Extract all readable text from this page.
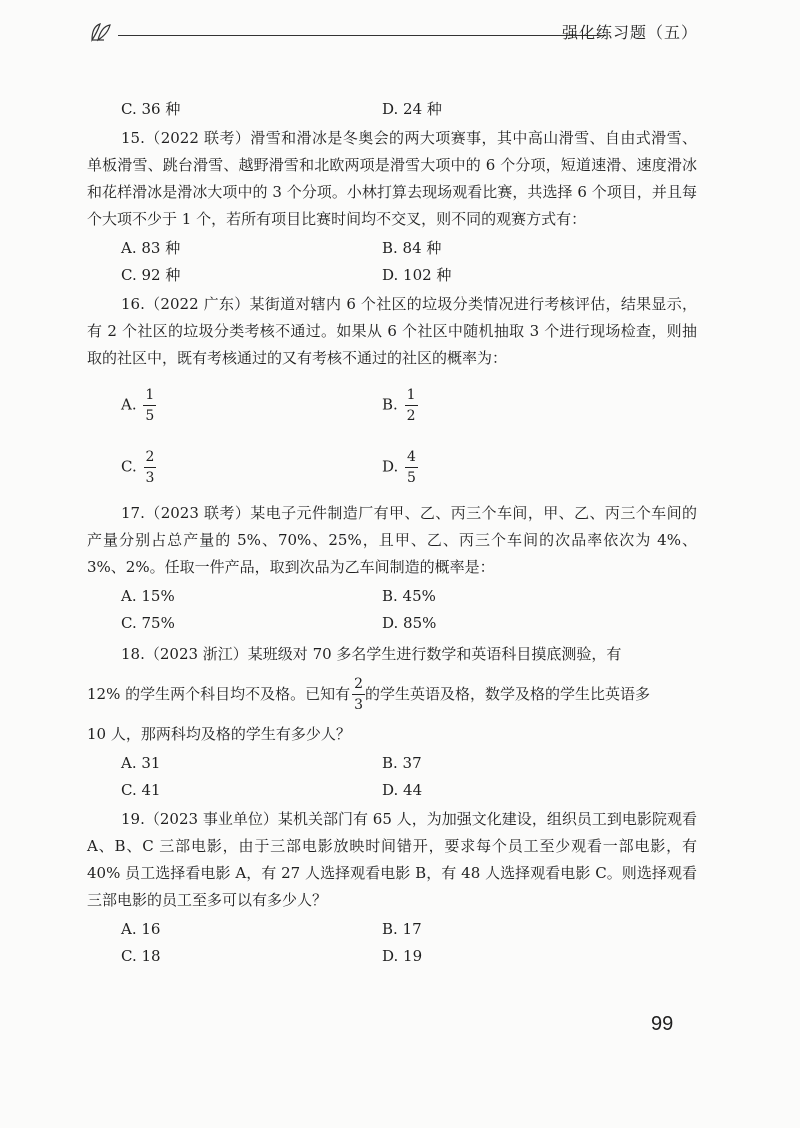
强化练习题（五）
C. 36 种	D. 24 种

15.（2022 联考）滑雪和滑冰是冬奥会的两大项赛事，其中高山滑雪、自由式滑雪、单板滑雪、跳台滑雪、越野滑雪和北欧两项是滑雪大项中的 6 个分项，短道速滑、速度滑冰和花样滑冰是滑冰大项中的 3 个分项。小林打算去现场观看比赛，共选择 6 个项目，并且每个大项不少于 1 个，若所有项目比赛时间均不交叉，则不同的观赛方式有：

A. 83 种	B. 84 种
C. 92 种	D. 102 种

16.（2022 广东）某街道对辖内 6 个社区的垃圾分类情况进行考核评估，结果显示，有 2 个社区的垃圾分类考核不通过。如果从 6 个社区中随机抽取 3 个进行现场检查，则抽取的社区中，既有考核通过的又有考核不通过的社区的概率为：

A. $\frac{1}{5}$	B. $\frac{1}{2}$
C. $\frac{2}{3}$	D. $\frac{4}{5}$

17.（2023 联考）某电子元件制造厂有甲、乙、丙三个车间，甲、乙、丙三个车间的产量分别占总产量的 5%、70%、25%，且甲、乙、丙三个车间的次品率依次为 4%、3%、2%。任取一件产品，取到次品为乙车间制造的概率是：

A. 15%	B. 45%
C. 75%	D. 85%

18.（2023 浙江）某班级对 70 多名学生进行数学和英语科目摸底测验，有

12% 的学生两个科目均不及格。已知有 $\frac{2}{3}$ 的学生英语及格，数学及格的学生比英语多

10 人，那两科均及格的学生有多少人？

A. 31	B. 37
C. 41	D. 44

19.（2023 事业单位）某机关部门有 65 人，为加强文化建设，组织员工到电影院观看 A、B、C 三部电影，由于三部电影放映时间错开，要求每个员工至少观看一部电影，有 40% 员工选择看电影 A，有 27 人选择观看电影 B，有 48 人选择观看电影 C。则选择观看三部电影的员工至多可以有多少人？

A. 16	B. 17
C. 18	D. 19
99
